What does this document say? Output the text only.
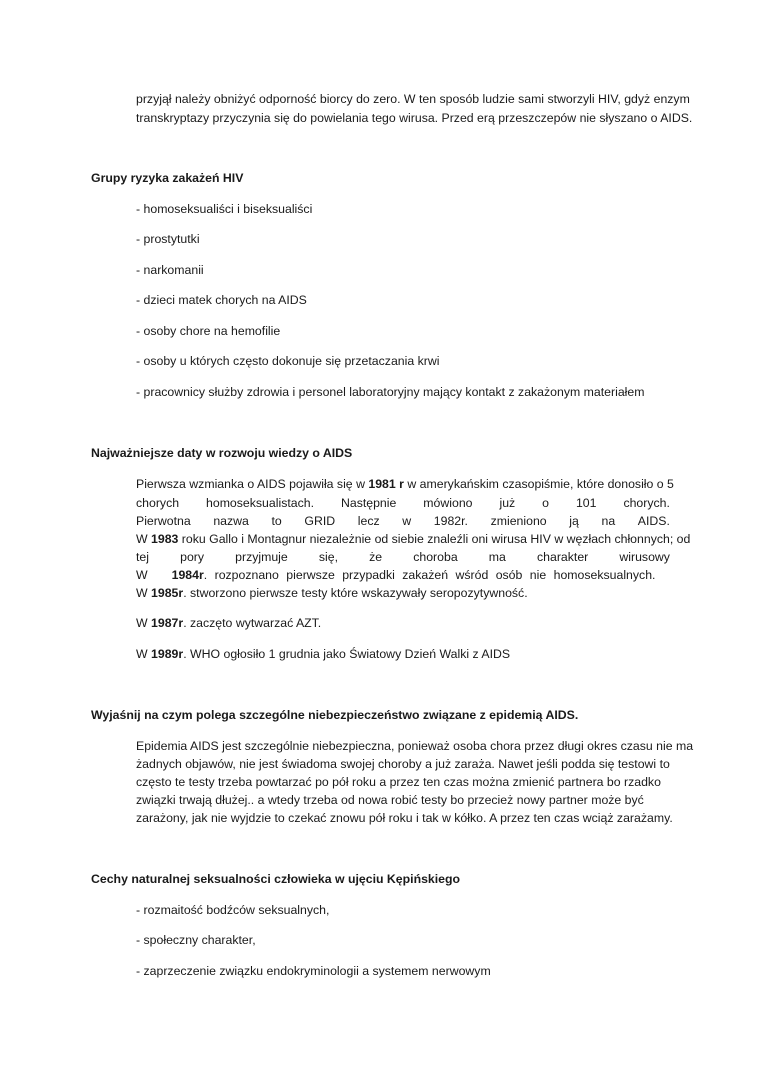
przyjął należy obniżyć odporność biorcy do zero. W ten sposób ludzie sami stworzyli HIV, gdyż enzym
transkryptazy przyczynia się do powielania tego wirusa. Przed erą przeszczepów nie słyszano o AIDS.
Grupy ryzyka zakażeń HIV
- homoseksualiści i biseksualiści
- prostytutki
- narkomanii
- dzieci matek chorych na AIDS
- osoby chore na hemofilie
- osoby u których często dokonuje się przetaczania krwi
- pracownicy służby zdrowia i personel laboratoryjny mający kontakt z zakażonym materiałem
Najważniejsze daty w rozwoju wiedzy o AIDS
Pierwsza wzmianka o AIDS pojawiła się w 1981 r w amerykańskim czasopiśmie, które donosiło o 5
chorych homoseksualistach. Następnie mówiono już o 101 chorych.
Pierwotna nazwa to GRID lecz w 1982r. zmieniono ją na AIDS.
W 1983 roku Gallo i Montagnur niezależnie od siebie znaleźli oni wirusa HIV w węzłach chłonnych; od
tej	pory	przyjmuje	się,	że	choroba	ma	charakter	wirusowy
W 1984r. rozpoznano pierwsze przypadki zakażeń wśród osób nie homoseksualnych.
W 1985r. stworzono pierwsze testy które wskazywały seropozytywność.
W 1987r. zaczęto wytwarzać AZT.
W 1989r. WHO ogłosiło 1 grudnia jako Światowy Dzień Walki z AIDS
Wyjaśnij na czym polega szczególne niebezpieczeństwo związane z epidemią AIDS.
Epidemia AIDS jest szczególnie niebezpieczna, ponieważ osoba chora przez długi okres czasu nie ma
żadnych objawów, nie jest świadoma swojej choroby a już zaraża. Nawet jeśli podda się testowi to
często te testy trzeba powtarzać po pół roku a przez ten czas można zmienić partnera bo rzadko
związki trwają dłużej.. a wtedy trzeba od nowa robić testy bo przecież nowy partner może być
zarażony, jak nie wyjdzie to czekać znowu pół roku i tak w kółko. A przez ten czas wciąż zarażamy.
Cechy naturalnej seksualności człowieka w ujęciu Kępińskiego
- rozmaitość bodźców seksualnych,
- społeczny charakter,
- zaprzeczenie związku endokryminologii a systemem nerwowym
